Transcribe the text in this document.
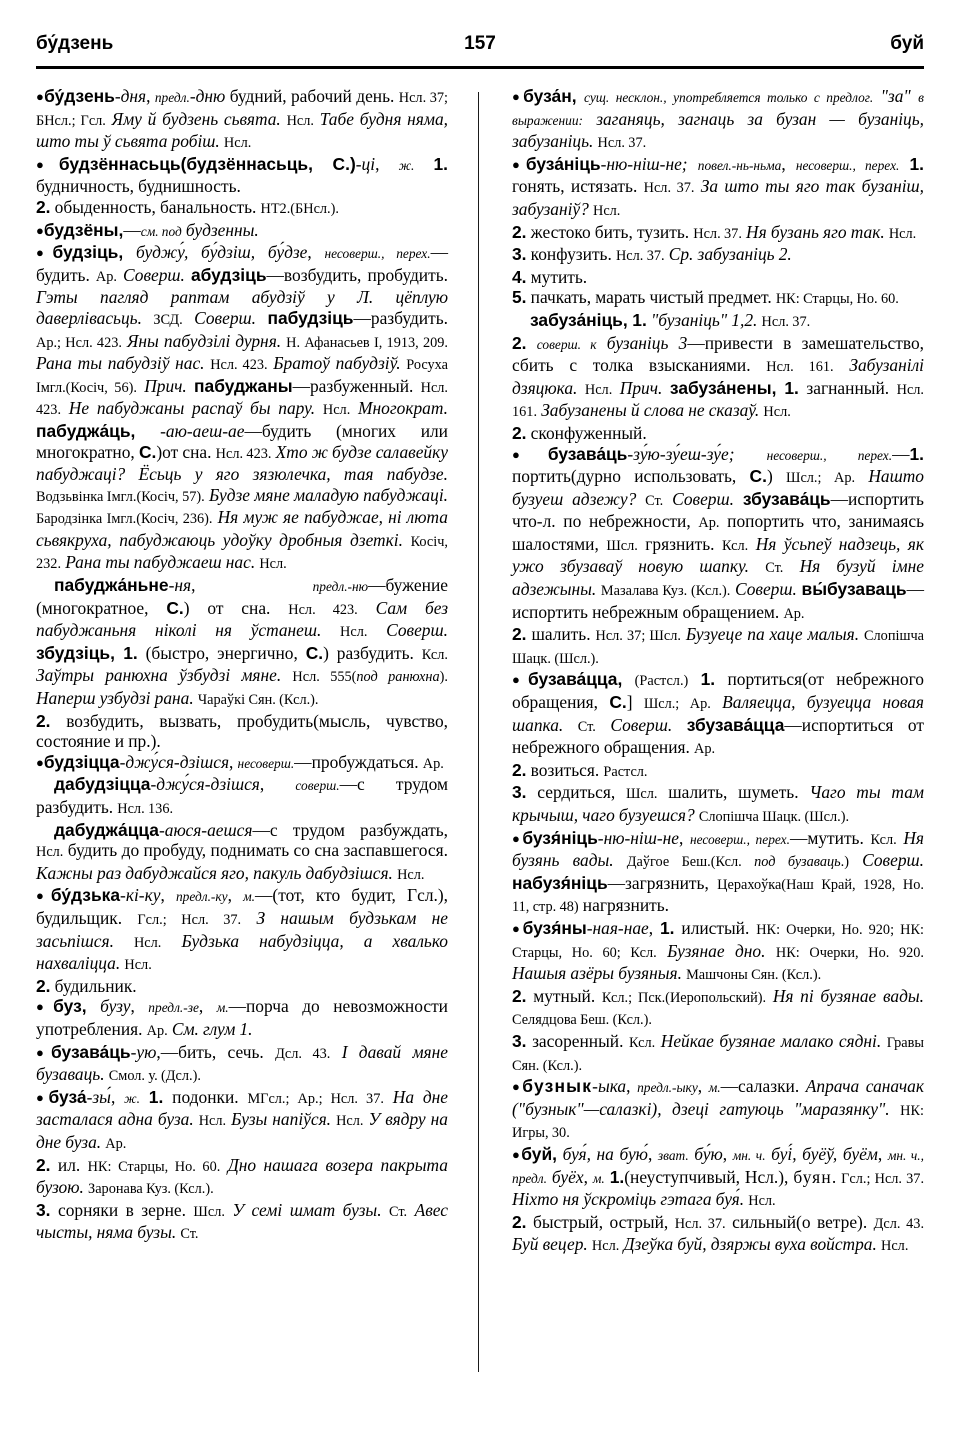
бу́дзень	157	буй

●бу́дзень-дня, предл.-дню будний, рабочий день. Нсл. 37; БНсл.; Гсл. Яму й будзень сьвята. Нсл. Табе будня няма, што ты ў сьвята робіш. Нсл.

●будзённасьць(будзённасьць, С.)-ці, ж. 1. будничность, буднишность.

2. обыденность, банальность. НТ2.(БНсл.).

●будзёны,—см. под будзенны.

●будзіць, буджу́, бу́дзіш, бу́дзе, несоверш., перех.—будить. Ар. Соверш. абудзіць—возбудить, пробудить. Гэты пагляд раптам абудзіў у Л. цёплую даверлівасьць. ЗСД. Соверш. пабудзіць—разбудить. Ар.; Нсл. 423. Яны пабудзілі дурня. Н. Афанасьев I, 1913, 209. Рана ты пабудзіў нас. Нсл. 423. Братоў пабудзіў. Росуха Імгл.(Косіч, 56). Прич. пабуджаны—разбуженный. Нсл. 423. Не пабуджаны распаў бы пару. Нсл. Многократ. пабуджа́ць, -аю-аеш-ае—будить (многих или многократно, С.)от сна. Нсл. 423. Хто ж будзе салавейку пабуджаці? Ёсьць у яго зязюлечка, тая пабудзе. Водзьвінка Імгл.(Косіч, 57). Будзе мяне маладую пабуджаці. Бародзінка Імгл.(Косіч, 236). Ня муж яе пабуджае, ні люта сьвякруха, пабуджаюць удоўку дробныя дзеткі. Косіч, 232. Рана ты пабуджаеш нас. Нсл.

пабуджа́ньне-ня, предл.-ню—бужение (многократное, С.) от сна. Нсл. 423. Сам без пабуджаньня ніколі ня ўстанеш. Нсл. Соверш. збудзіць, 1. (быстро, энергично, С.) разбудить. Ксл. Заўтры ранюхна ўзбудзі мяне. Нсл. 555(под ранюхна). Наперш узбудзі рана. Чараўкі Сян. (Ксл.).

2. возбудить, вызвать, пробудить(мысль, чувство, состояние и пр.).

●будзіцца-джу́ся-дзішся, несоверш.—пробуждаться. Ар.

дабудзіцца-джу́ся-дзішся, соверш.—с трудом разбудить. Нсл. 136.

дабуджа́цца-аюся-аешся—с трудом разбуждать, Нсл. будить до пробуду, поднимать со сна заспавшегося. Кажны раз дабуджайся яго, пакуль дабудзішся. Нсл.

●бу́дзька-кі-ку, предл.-ку, м.—(тот, кто будит, Гсл.), будильщик. Гсл.; Нсл. 37. З нашым будзькам не засьпішся. Нсл. Будзька набудзіцца, а хвалько нахваліцца. Нсл.

2. будильник.

●буз, бузу, предл.-зе, м.—порча до невозможности употребления. Ар. См. глум 1.

●бузава́ць-ую,—бить, сечь. Дсл. 43. І давай мяне бузаваць. Смол. у. (Дсл.).

●буза́-зы́, ж. 1. подонки. МГсл.; Ар.; Нсл. 37. На дне засталася адна буза. Нсл. Бузы напіўся. Нсл. У вядру на дне буза. Ар.

2. ил. НК: Старцы, Но. 60. Дно нашага возера пакрыта бузою. Заронава Куз. (Ксл.).

3. сорняки в зерне. Шсл. У семі шмат бузы. Ст. Авес чысты, няма бузы. Ст.

●буза́н, сущ. несклон., употребляется только с предлог. "за" в выражении: заганяць, загнаць за бузан — бузаніць, забузаніць. Нсл. 37.

●буза́ніць-ню-ніш-не; повел.-нь-ньма, несоверш., перех. 1. гонять, истязать. Нсл. 37. За што ты яго так бузаніш, забузаніў? Нсл.

2. жестоко бить, тузить. Нсл. 37. Ня бузань яго так. Нсл.

3. конфузить. Нсл. 37. Ср. забузаніць 2.

4. мутить.

5. пачкать, марать чистый предмет. НК: Старцы, Но. 60.

забуза́ніць, 1. "бузаніць" 1,2. Нсл. 37.

2. соверш. к бузаніць 3—привести в замешательство, сбить с толка взысканиями. Нсл. 161. Забузанілі дзяцюка. Нсл. Прич. забуза́нены, 1. загнанный. Нсл. 161. Забузанены й слова не сказаў. Нсл.

2. сконфуженный.

●бузава́ць-зу́ю-зу́еш-зу́е; несоверш., перех.—1. портить(дурно использовать, С.) Шсл.; Ар. Нашто бузуеш адзежу? Ст. Соверш. збузава́ць—испортить что-л. по небрежности, Ар. попортить что, занимаясь шалостями, Шсл. грязнить. Ксл. Ня ўсьпеў надзець, як ужо збузаваў новую шапку. Ст. Ня бузуй імне адзежыны. Мазалава Куз. (Ксл.). Соверш. вы́бузаваць—испортить небрежным обращением. Ар.

2. шалить. Нсл. 37; Шсл. Бузуеце па хаце малыя. Слопішча Шацк. (Шсл.).

●бузава́цца, (Растсл.) 1. портиться(от небрежного обращения, С.] Шсл.; Ар. Валяецца, бузуецца новая шапка. Ст. Соверш. збузава́цца—испортиться от небрежного обращения. Ар.

2. возиться. Растсл.

3. сердиться, Шсл. шалить, шуметь. Чаго ты там крычыш, чаго бузуешся? Слопішча Шацк. (Шсл.).

●бузя́ніць-ню-ніш-не, несоверш., перех.—мутить. Ксл. Ня бузянь вады. Даўгое Беш.(Ксл. под бузаваць.) Соверш. набузя́ніць—загрязнить, Церахоўка(Наш Край, 1928, Но. 11, стр. 48) нагрязнить.

●бузя́ны-ная-нае, 1. илистый. НК: Очерки, Но. 920; НК: Старцы, Но. 60; Ксл. Бузянае дно. НК: Очерки, Но. 920. Нашыя азёры бузяныя. Машчоны Сян. (Ксл.).

2. мутный. Ксл.; Пск.(Иеропольский). Ня пі бузянае вады. Селядцова Беш. (Ксл.).

3. засоренный. Ксл. Нейкае бузянае малако сядні. Гравы Сян. (Ксл.).

●бузнык-ыка, предл.-ыку, м.—салазки. Апрача саначак ("бузнык"—салазкі), дзеці гатуюць "маразянку". НК: Игры, 30.

●буй, буя́, на бую́, зват. бу́ю, мн. ч. буі́, буёў, буём, мн. ч., предл. буёх, м. 1.(неуступчивый, Нсл.), буян. Гсл.; Нсл. 37. Ніхто ня ўскроміць гэтага буя́. Нсл.

2. быстрый, острый, Нсл. 37. сильный(о ветре). Дсл. 43. Буй вецер. Нсл. Дзеўка буй, дзяржы вуха войстра. Нсл.
